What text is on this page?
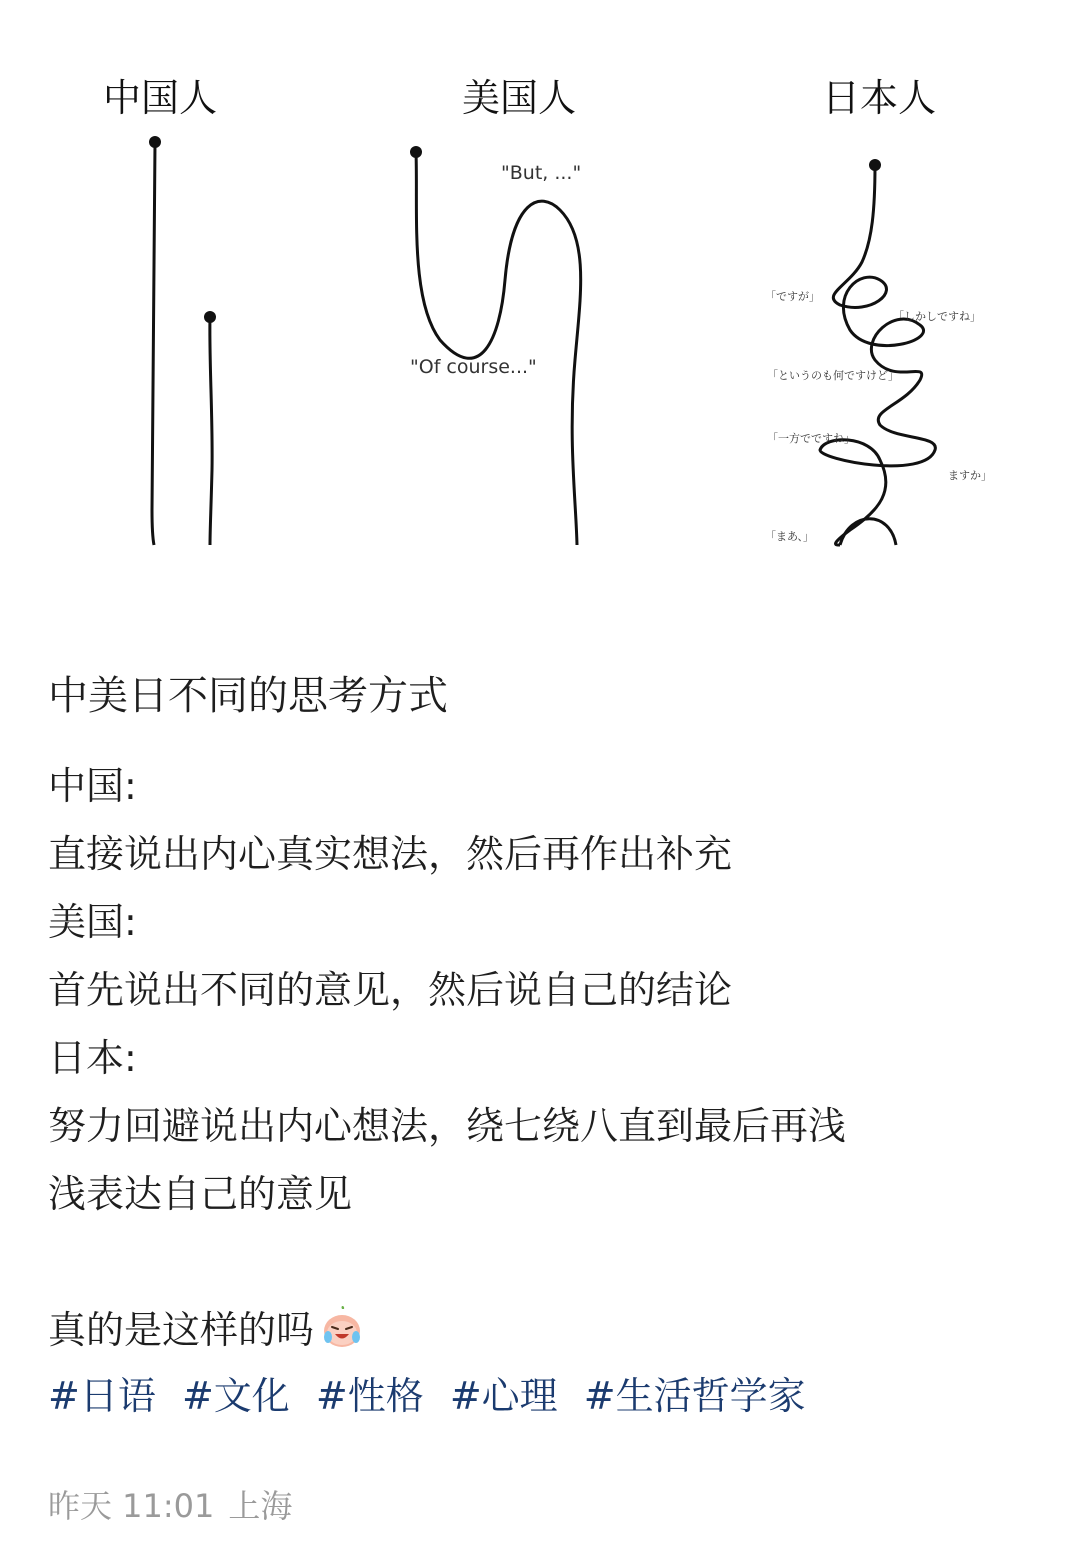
中国人	美国人	日本人
"But, ..."
"Of course..."
「ですが」
「しかしですね」
「というのも何ですけど」
「一方でですね」
ますか」
「まあ、」
中美日不同的思考方式
中国:
直接说出内心真实想法，然后再作出补充
美国:
首先说出不同的意见，然后说自己的结论
日本:
努力回避说出内心想法，绕七绕八直到最后再浅
浅表达自己的意见
真的是这样的吗
#日语 #文化 #性格 #心理 #生活哲学家
昨天 11:01 上海
